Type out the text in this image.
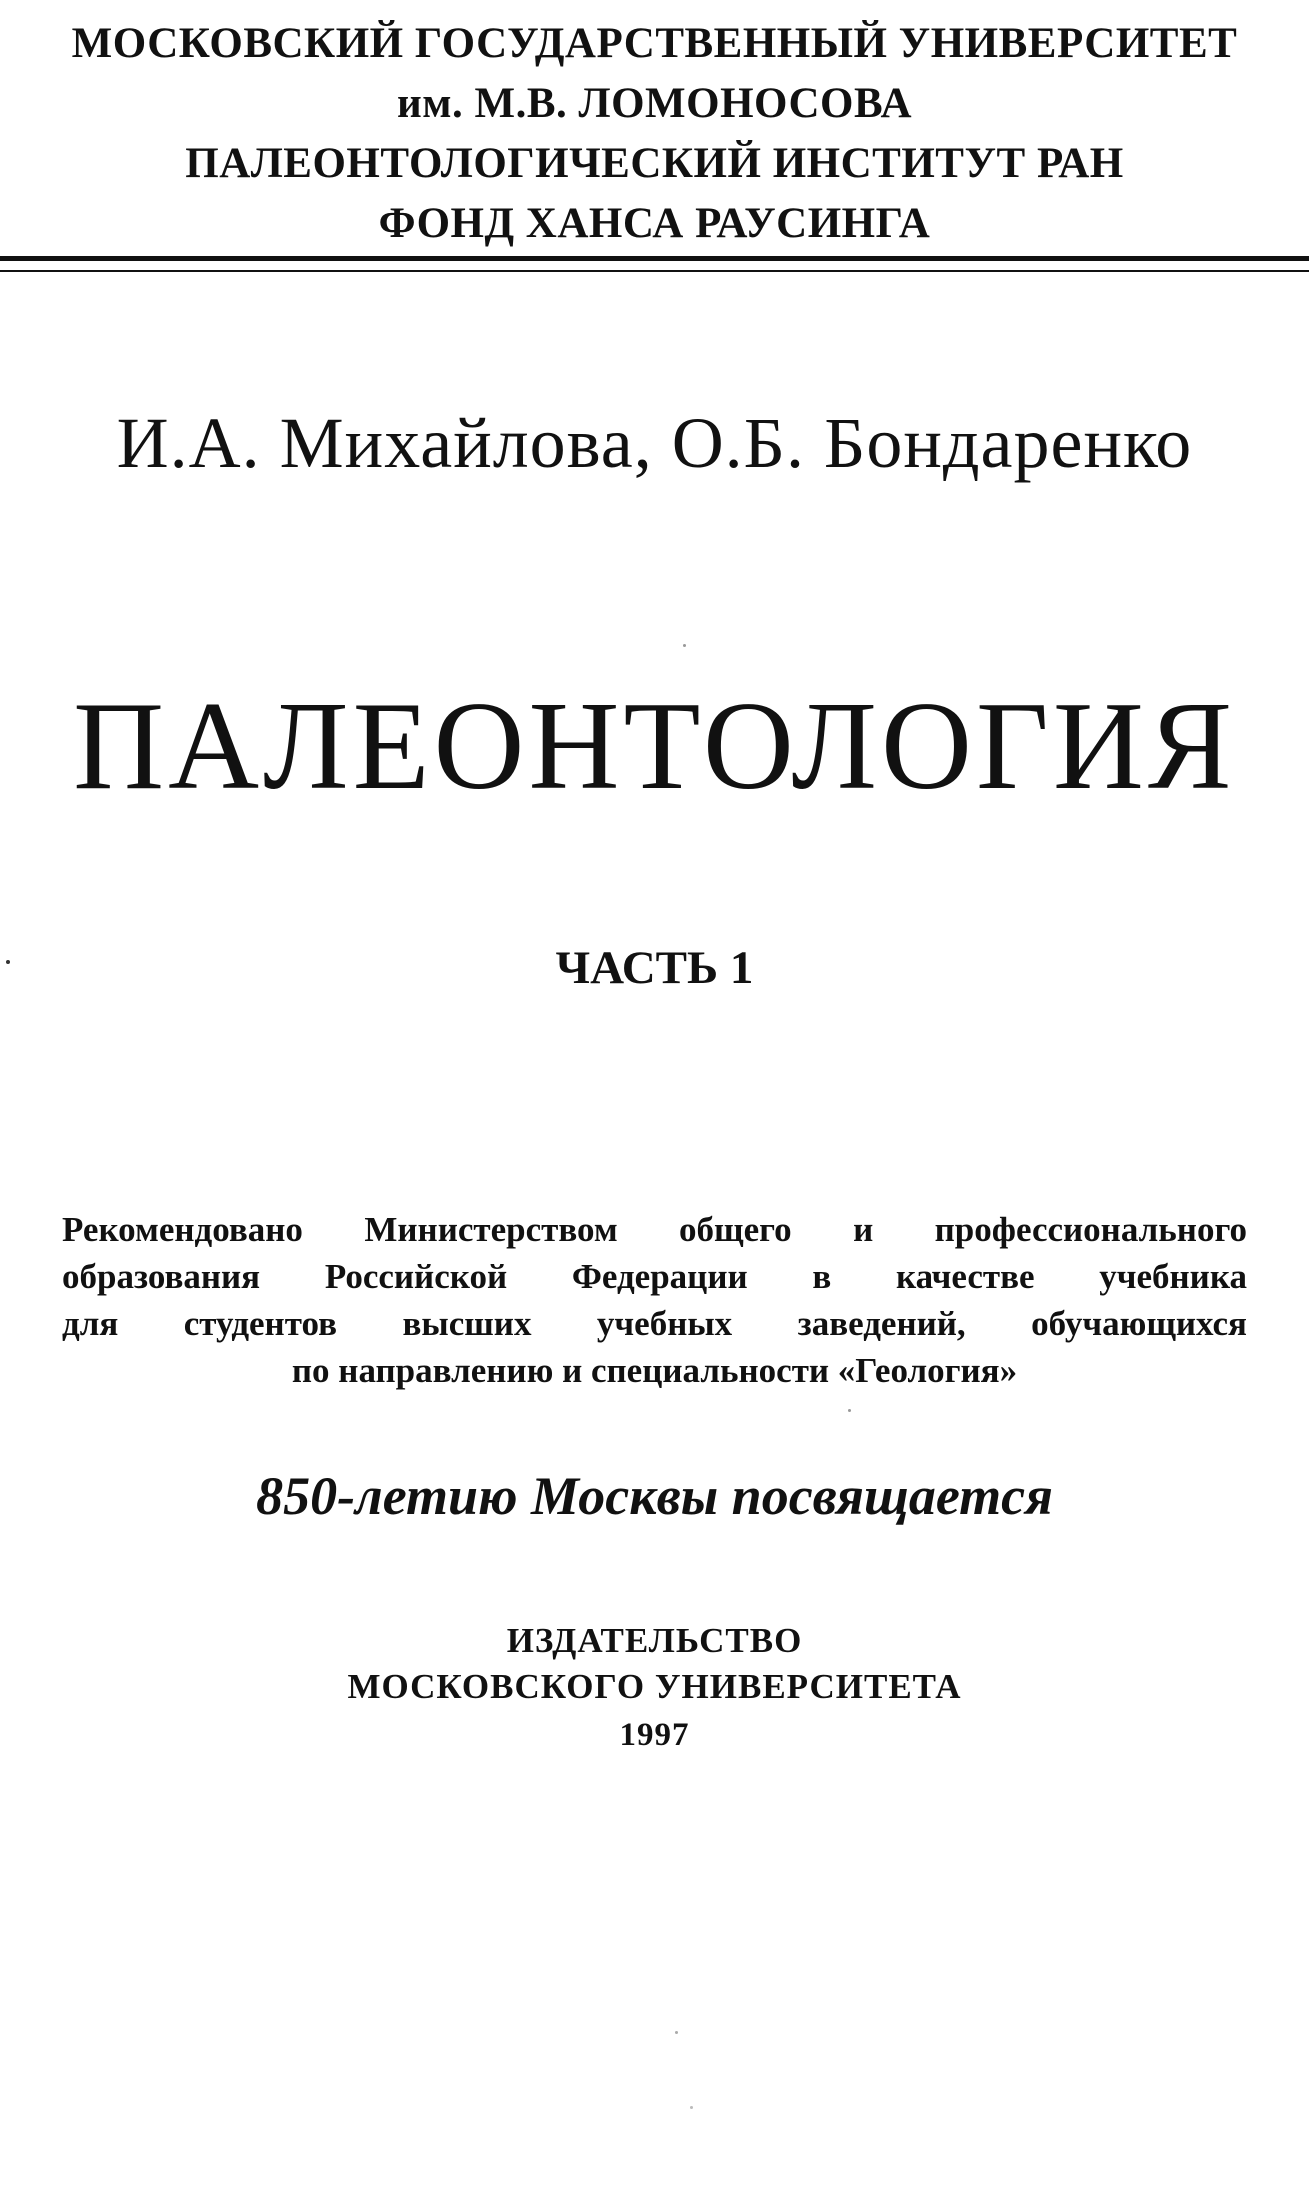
МОСКОВСКИЙ ГОСУДАРСТВЕННЫЙ УНИВЕРСИТЕТ
им. М.В. ЛОМОНОСОВА
ПАЛЕОНТОЛОГИЧЕСКИЙ ИНСТИТУТ РАН
ФОНД ХАНСА РАУСИНГА
И.А. Михайлова, О.Б. Бондаренко
ПАЛЕОНТОЛОГИЯ
ЧАСТЬ 1
Рекомендовано Министерством общего и профессионального
образования Российской Федерации в качестве учебника
для студентов высших учебных заведений, обучающихся
по направлению и специальности «Геология»
850-летию Москвы посвящается
ИЗДАТЕЛЬСТВО
МОСКОВСКОГО УНИВЕРСИТЕТА
1997
